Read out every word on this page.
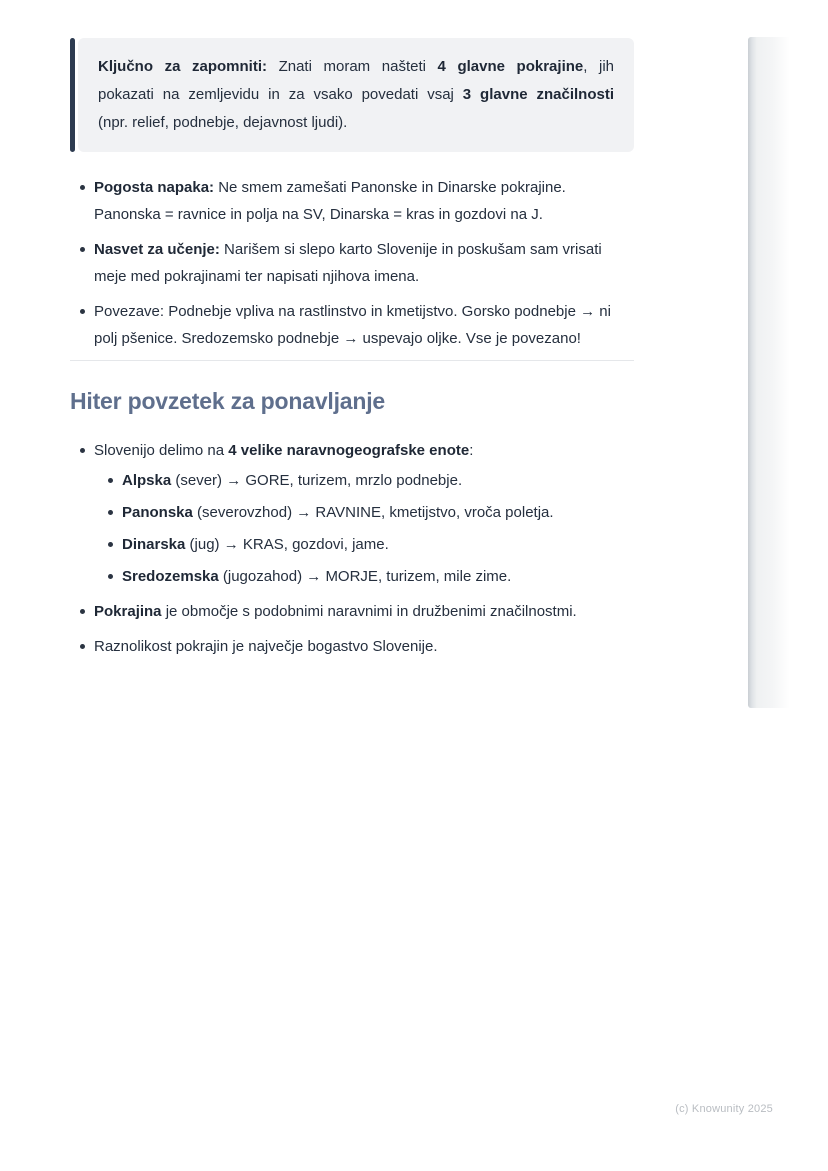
Ključno za zapomniti: Znati moram našteti 4 glavne pokrajine, jih
pokazati na zemljevidu in za vsako povedati vsaj 3 glavne značilnosti
(npr. relief, podnebje, dejavnost ljudi).
Pogosta napaka: Ne smem zamešati Panonske in Dinarske pokrajine. Panonska = ravnice in polja na SV, Dinarska = kras in gozdovi na J.
Nasvet za učenje: Narišem si slepo karto Slovenije in poskušam sam vrisati meje med pokrajinami ter napisati njihova imena.
Povezave: Podnebje vpliva na rastlinstvo in kmetijstvo. Gorsko podnebje → ni polj pšenice. Sredozemsko podnebje → uspevajo oljke. Vse je povezano!
Hiter povzetek za ponavljanje
Slovenijo delimo na 4 velike naravnogeografske enote:
Alpska (sever) → GORE, turizem, mrzlo podnebje.
Panonska (severovzhod) → RAVNINE, kmetijstvo, vroča poletja.
Dinarska (jug) → KRAS, gozdovi, jame.
Sredozemska (jugozahod) → MORJE, turizem, mile zime.
Pokrajina je območje s podobnimi naravnimi in družbenimi značilnostmi.
Raznolikost pokrajin je največje bogastvo Slovenije.
(c) Knowunity 2025
